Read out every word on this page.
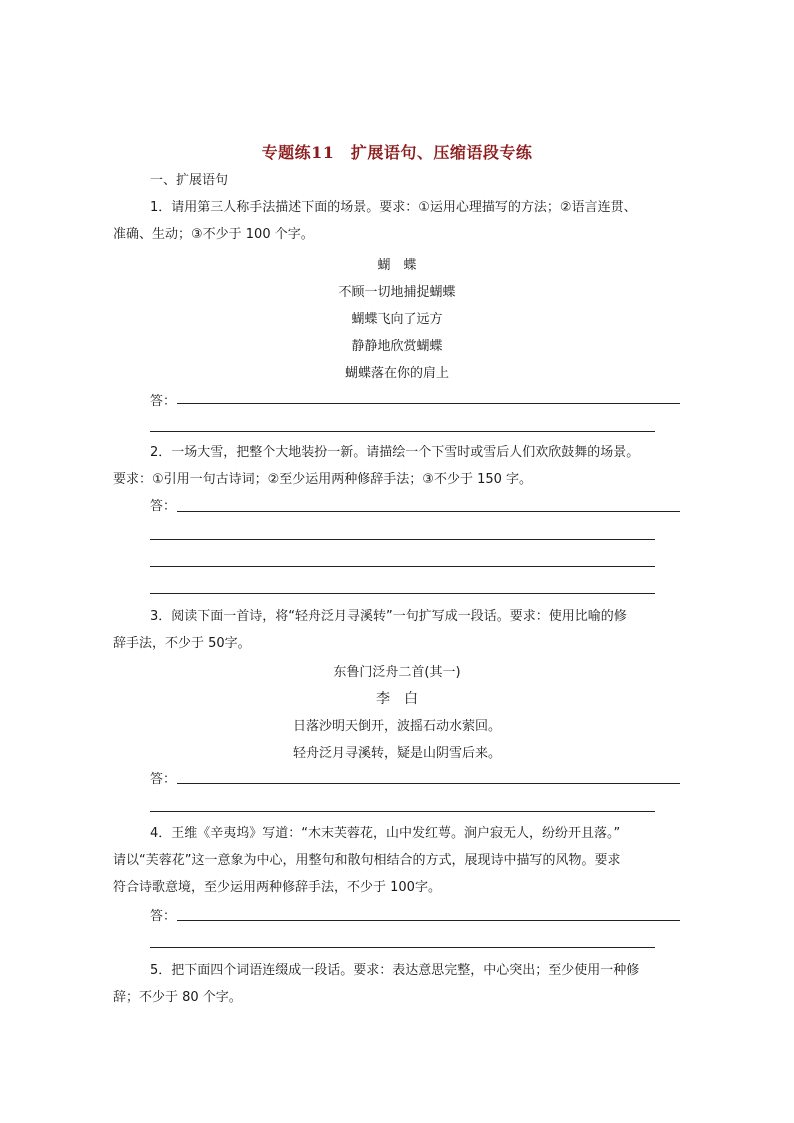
专题练11　扩展语句、压缩语段专练
一、扩展语句
1．请用第三人称手法描述下面的场景。要求：①运用心理描写的方法；②语言连贯、
准确、生动；③不少于 100 个字。
蝴　蝶
不顾一切地捕捉蝴蝶
蝴蝶飞向了远方
静静地欣赏蝴蝶
蝴蝶落在你的肩上
答：
2．一场大雪，把整个大地装扮一新。请描绘一个下雪时或雪后人们欢欣鼓舞的场景。
要求：①引用一句古诗词；②至少运用两种修辞手法；③不少于 150 字。
答：
3．阅读下面一首诗，将“轻舟泛月寻溪转”一句扩写成一段话。要求：使用比喻的修
辞手法，不少于 50字。
东鲁门泛舟二首(其一)
李　白
日落沙明天倒开，波摇石动水萦回。
轻舟泛月寻溪转，疑是山阴雪后来。
答：
4．王维《辛夷坞》写道：“木末芙蓉花，山中发红萼。涧户寂无人，纷纷开且落。”
请以“芙蓉花”这一意象为中心，用整句和散句相结合的方式，展现诗中描写的风物。要求
符合诗歌意境，至少运用两种修辞手法，不少于 100字。
答：
5．把下面四个词语连缀成一段话。要求：表达意思完整，中心突出；至少使用一种修
辞；不少于 80 个字。
